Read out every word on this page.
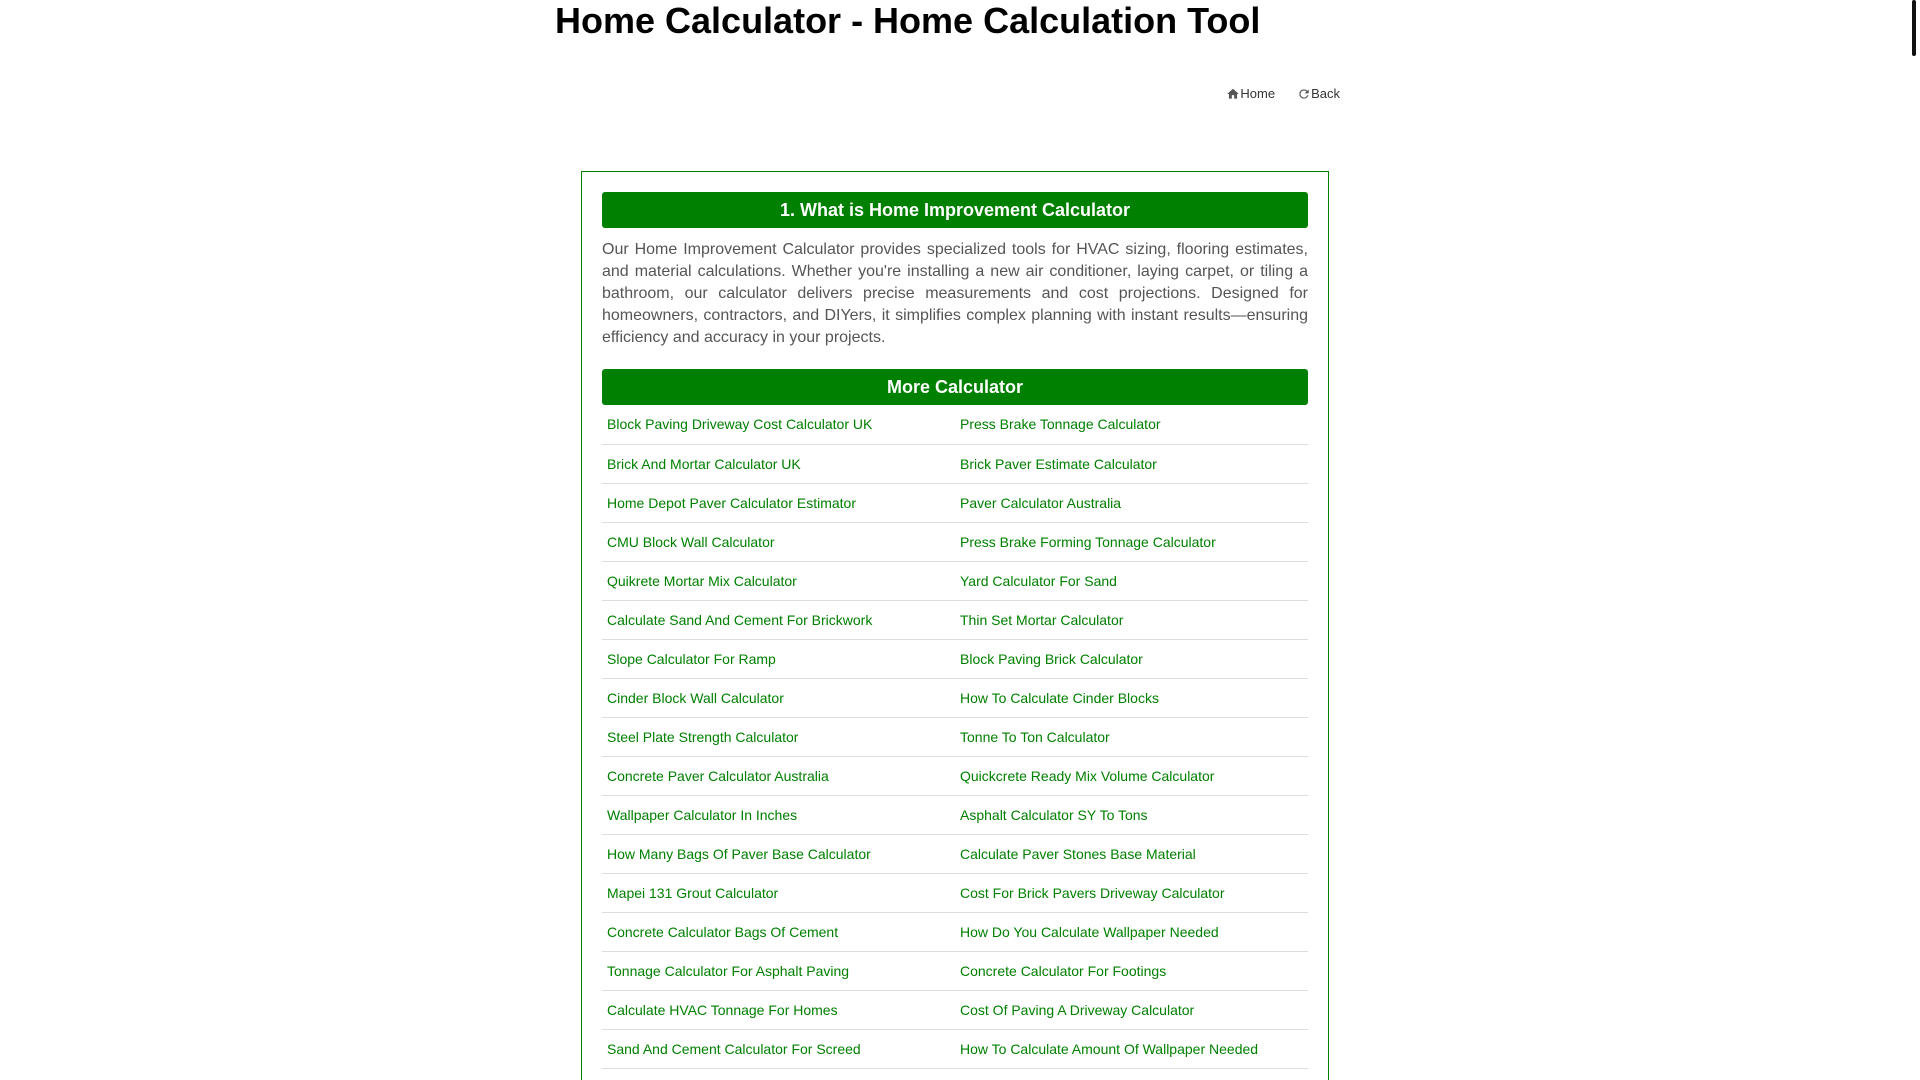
Home Calculator - Home Calculation Tool
Home	Back
1. What is Home Improvement Calculator

Our Home Improvement Calculator provides specialized tools for HVAC sizing, flooring estimates, and material calculations. Whether you're installing a new air conditioner, laying carpet, or tiling a bathroom, our calculator delivers precise measurements and cost projections. Designed for homeowners, contractors, and DIYers, it simplifies complex planning with instant results—ensuring efficiency and accuracy in your projects.

More Calculator
Block Paving Driveway Cost Calculator UK	Press Brake Tonnage Calculator
Brick And Mortar Calculator UK	Brick Paver Estimate Calculator
Home Depot Paver Calculator Estimator	Paver Calculator Australia
CMU Block Wall Calculator	Press Brake Forming Tonnage Calculator
Quikrete Mortar Mix Calculator	Yard Calculator For Sand
Calculate Sand And Cement For Brickwork	Thin Set Mortar Calculator
Slope Calculator For Ramp	Block Paving Brick Calculator
Cinder Block Wall Calculator	How To Calculate Cinder Blocks
Steel Plate Strength Calculator	Tonne To Ton Calculator
Concrete Paver Calculator Australia	Quickcrete Ready Mix Volume Calculator
Wallpaper Calculator In Inches	Asphalt Calculator SY To Tons
How Many Bags Of Paver Base Calculator	Calculate Paver Stones Base Material
Mapei 131 Grout Calculator	Cost For Brick Pavers Driveway Calculator
Concrete Calculator Bags Of Cement	How Do You Calculate Wallpaper Needed
Tonnage Calculator For Asphalt Paving	Concrete Calculator For Footings
Calculate HVAC Tonnage For Homes	Cost Of Paving A Driveway Calculator
Sand And Cement Calculator For Screed	How To Calculate Amount Of Wallpaper Needed
